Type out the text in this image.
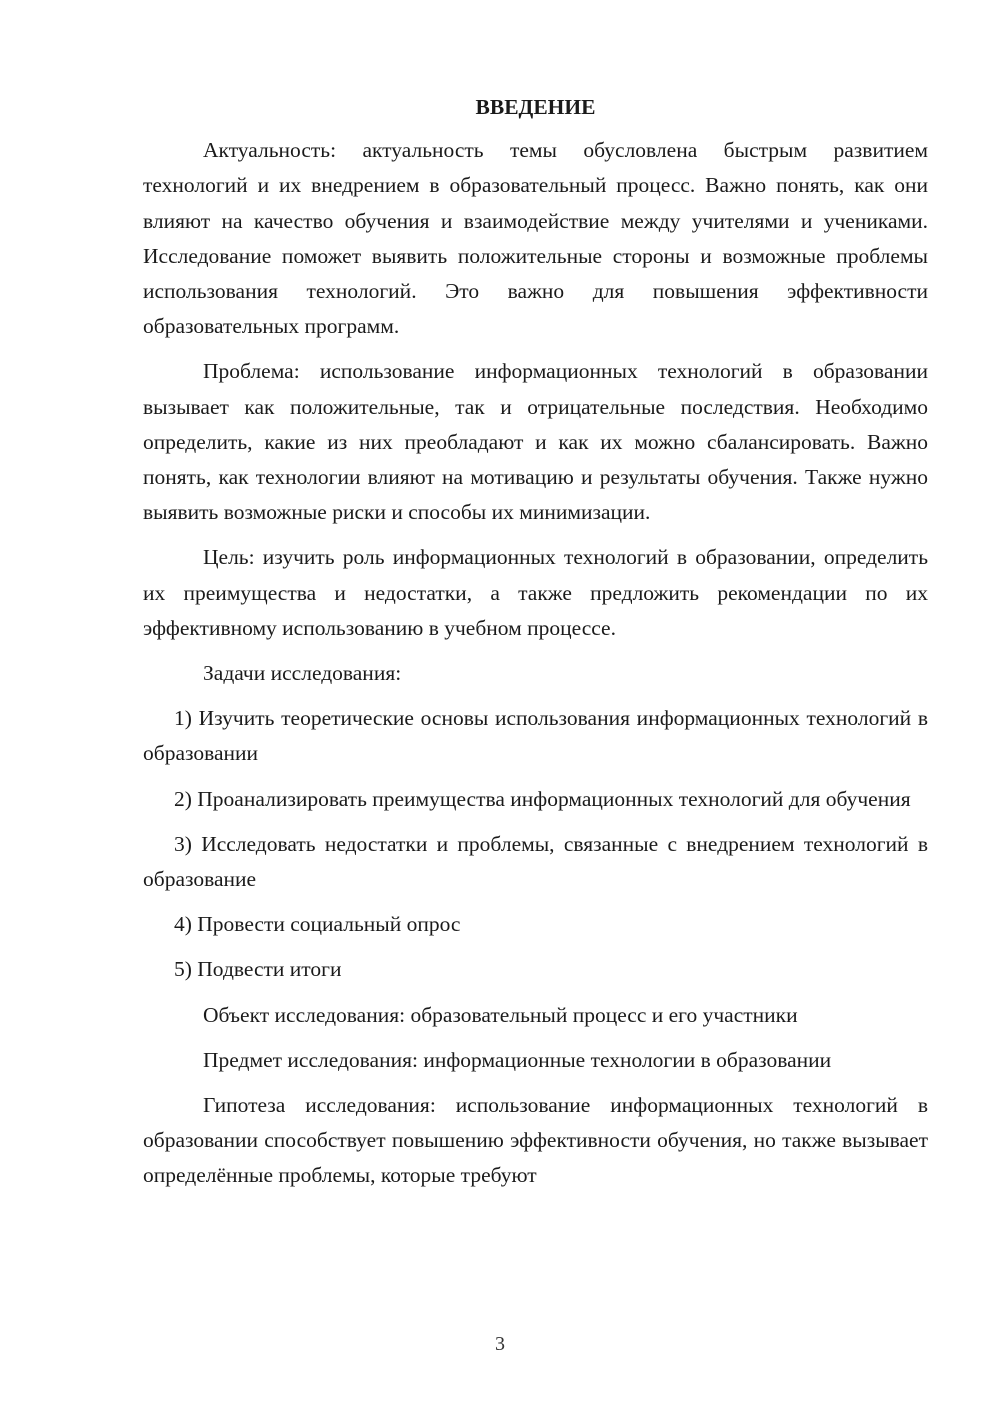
ВВЕДЕНИЕ

Актуальность: актуальность темы обусловлена быстрым развитием технологий и их внедрением в образовательный процесс. Важно понять, как они влияют на качество обучения и взаимодействие между учителями и учениками. Исследование поможет выявить положительные стороны и возможные проблемы использования технологий. Это важно для повышения эффективности образовательных программ.

Проблема: использование информационных технологий в образовании вызывает как положительные, так и отрицательные последствия. Необходимо определить, какие из них преобладают и как их можно сбалансировать. Важно понять, как технологии влияют на мотивацию и результаты обучения. Также нужно выявить возможные риски и способы их минимизации.

Цель: изучить роль информационных технологий в образовании, определить их преимущества и недостатки, а также предложить рекомендации по их эффективному использованию в учебном процессе.

Задачи исследования:

1) Изучить теоретические основы использования информационных технологий в образовании

2) Проанализировать преимущества информационных технологий для обучения

3) Исследовать недостатки и проблемы, связанные с внедрением технологий в образование

4) Провести социальный опрос

5) Подвести итоги

Объект исследования: образовательный процесс и его участники

Предмет исследования: информационные технологии в образовании

Гипотеза исследования: использование информационных технологий в образовании способствует повышению эффективности обучения, но также вызывает определённые проблемы, которые требуют

3
